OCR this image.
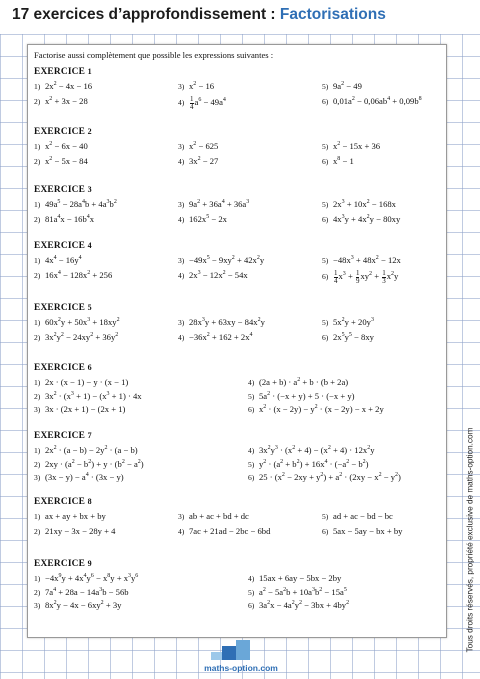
17 exercices d’approfondissement : Factorisations
Factorise aussi complètement que possible les expressions suivantes :
EXERCICE 1
1) $2x^2 - 4x - 16$
2) $x^2 + 3x - 28$
3) $x^2 - 16$
$4) \frac{1}{4} a^6 - 49a^4$
5) $9a^2 - 49$
6) $0,01a^2 - 0,06ab^4 + 0,09b^8$
EXERCICE 2
1) $x^2 - 6x - 40$
2) $x^2 - 5x - 84$
3) $x^2 - 625$
4) $3x^2 - 27$
5) $x^2 - 15x + 36$
6) $x^8 - 1$
EXERCICE 3
1) $49a^5 - 28a^4b + 4a^3b^2$
2) $81a^4x - 16b^4x$
3) $9a^2 + 36a^4 + 36a^3$
4) $162x^5 - 2x$
5) $2x^3 + 10x^2 - 168x$
6) $4x^3y + 4x^2y - 80xy$
EXERCICE 4
1) $4x^4 - 16y^4$
2) $16x^4 - 128x^2 + 256$
$3) -49x^5 - 9xy^2 + 42x^2y$
4) $2x^3 - 12x^2 - 54x$
$5) -48x^3 + 48x^2 - 12x$
$6) \frac{1}{4} x^3 + \frac{1}{9} xy^2 + \frac{1}{3} x^2y$
EXERCICE 5
1) $60x^2y + 50x^3 + 18xy^2$
2) $3x^2y^2 - 24xy^2 + 36y^2$
3) $28x^3y + 63xy - 84x^2y$
$4) -36x^2 + 162 + 2x^4$
5) $5x^2y + 20y^3$
6) $2x^5y^5 - 8xy$
EXERCICE 6
1) 2x · (x − 1) − y · (x − 1)
2) $3x^2 \cdot (x^3 + 1) - (x^3 + 1) \cdot 4x$
3) 3x · (2x + 1) − (2x + 1)
4) $(2a + b) \cdot a^2 + b \cdot (b + 2a)$
5) $5a^2 \cdot (-x + y) + 5 \cdot (-x + y)$
6) $x^2 \cdot (x - 2y) - y^2 \cdot (x - 2y) - x + 2y$
EXERCICE 7
1) $2x^2 \cdot (a - b) - 2y^2 \cdot (a - b)$
2) $2xy \cdot (a^2 - b^2) + y \cdot (b^2 - a^2)$
3) $(3x - y) - a^4 \cdot (3x - y)$
4) $3x^2y^3 \cdot (x^2 + 4) - (x^2 + 4) \cdot 12x^2y$
5) $y^2 \cdot (a^2 + b^2) + 16x^4 \cdot (-a^2 - b^2)$
6) $25 \cdot (x^2 - 2xy + y^2) + a^2 \cdot (2xy - x^2 - y^2)$
EXERCICE 8
1) ax + ay + bx + by
2) 21xy − 3x − 28y + 4
3) ab + ac + bd + dc
4) 7ac + 21ad − 2bc − 6bd
5) ad + ac − bd − bc
6) 5ax − 5ay − bx + by
EXERCICE 9
$1) -4x^9y + 4x^4y^6 - x^8y + x^3y^6$
2) $7a^4 + 28a - 14a^3b - 56b$
3) $8x^2y - 4x - 6xy^2 + 3y$
4) 15ax + 6ay − 5bx − 2by
5) $a^2 - 5a^2b + 10a^3b^2 - 15a^5$
6) $3a^2x - 4a^2y^2 - 3bx + 4by^2$	Tous droits réservés, propriété exclusive de maths-option.com
maths-option.com
